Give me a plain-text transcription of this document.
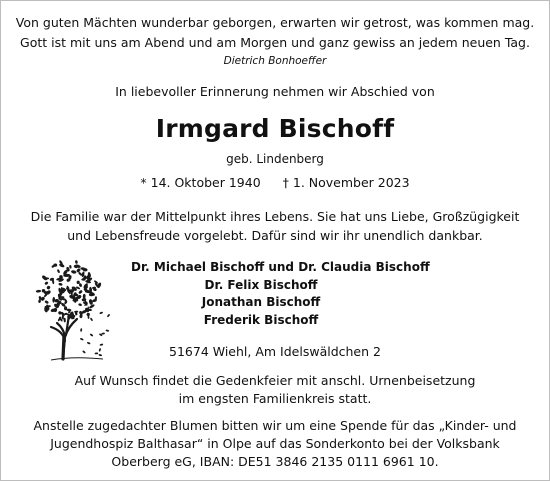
Von guten Mächten wunderbar geborgen, erwarten wir getrost, was kommen mag.
Gott ist mit uns am Abend und am Morgen und ganz gewiss an jedem neuen Tag.
Dietrich Bonhoeffer
In liebevoller Erinnerung nehmen wir Abschied von
Irmgard Bischoff
geb. Lindenberg
* 14. Oktober 1940 † 1. November 2023
Die Familie war der Mittelpunkt ihres Lebens. Sie hat uns Liebe, Großzügigkeit
und Lebensfreude vorgelebt. Dafür sind wir ihr unendlich dankbar.
Dr. Michael Bischoff und Dr. Claudia Bischoff
Dr. Felix Bischoff
Jonathan Bischoff
Frederik Bischoff
51674 Wiehl, Am Idelswäldchen 2
Auf Wunsch findet die Gedenkfeier mit anschl. Urnenbeisetzung
im engsten Familienkreis statt.
Anstelle zugedachter Blumen bitten wir um eine Spende für das „Kinder- und
Jugendhospiz Balthasar“ in Olpe auf das Sonderkonto bei der Volksbank
Oberberg eG, IBAN: DE51 3846 2135 0111 6961 10.
